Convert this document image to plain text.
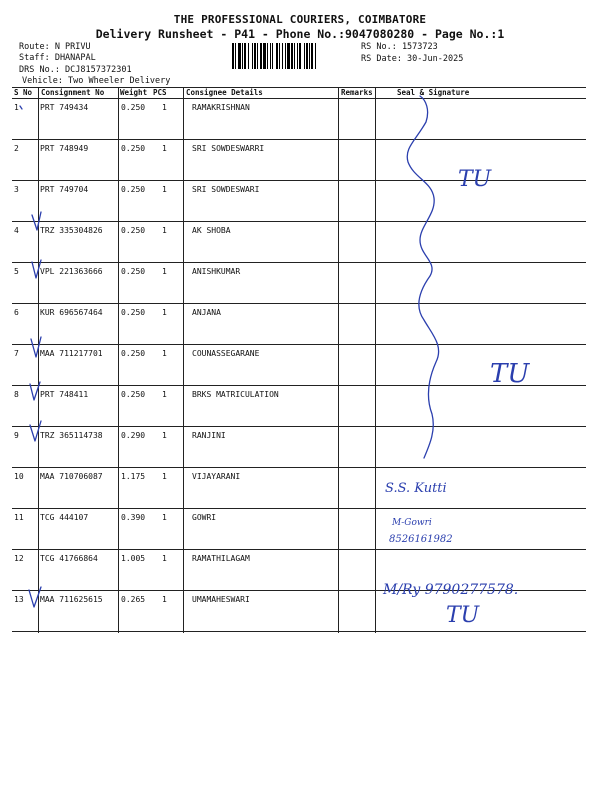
THE PROFESSIONAL COURIERS, COIMBATORE
Delivery Runsheet - P41 - Phone No.:9047080280 - Page No.:1
Route: N PRIVU
Staff: DHANAPAL
DRS No.: DCJ8157372301
Vehicle: Two Wheeler Delivery
RS No.: 1573723
RS Date: 30-Jun-2025
S No Consignment No Weight PCS	Consignee Details	Remarks	Seal & Signature
1	PRT 749434	0.250 1	RAMAKRISHNAN
2	PRT 748949	0.250 1	SRI SOWDESWARRI
3	PRT 749704	0.250 1	SRI SOWDESWARI
4	TRZ 335304826 0.250 1	AK SHOBA
5	VPL 221363666 0.250 1	ANISHKUMAR
6	KUR 696567464 0.250 1	ANJANA
7	MAA 711217701 0.250 1	COUNASSEGARANE
8	PRT 748411	0.250 1	BRKS MATRICULATION
9	TRZ 365114738 0.290 1	RANJINI
10 MAA 710706087 1.175 1	VIJAYARANI
11 TCG 444107	0.390 1	GOWRI
12 TCG 41766864	1.005 1	RAMATHILAGAM
13 MAA 711625615 0.265 1	UMAMAHESWARI
TU
TU
S.S. Kutti
M-Gowri
8526161982
M/Ry 9790277578.
TU
